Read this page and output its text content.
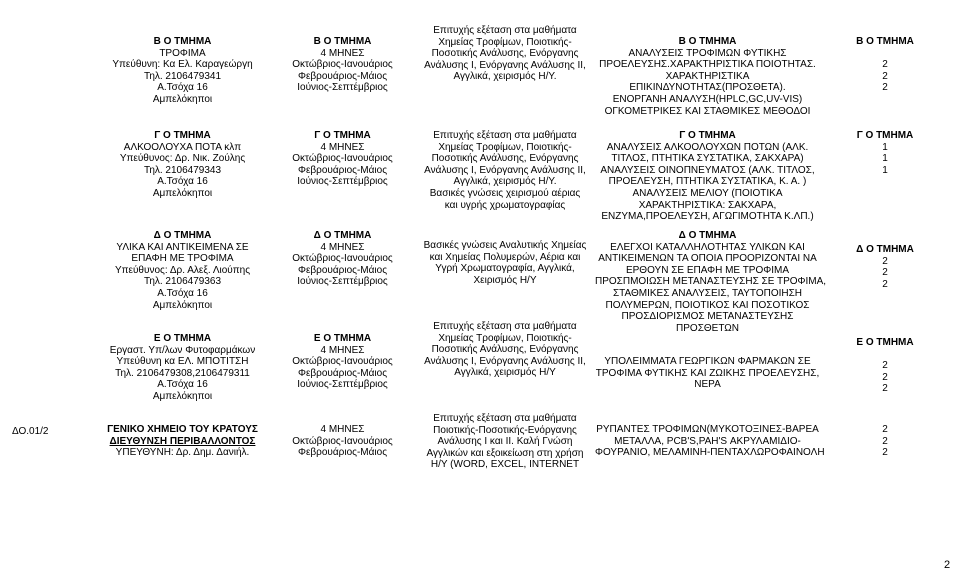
Β Ο ΤΜΗΜΑ
ΤΡΟΦΙΜΑ
Υπεύθυνη: Κα Ελ. Καραγεώργη
Τηλ. 2106479341
Α.Τσόχα 16
Αμπελόκηποι
Β Ο ΤΜΗΜΑ
4 ΜΗΝΕΣ
Οκτώβριος-Ιανουάριος
Φεβρουάριος-Μάιος
Ιούνιος-Σεπτέμβριος
Επιτυχής εξέταση στα μαθήματα
Χημείας Τροφίμων, Ποιοτικής-
Ποσοτικής Ανάλυσης, Ενόργανης
Ανάλυσης Ι, Ενόργανης Ανάλυσης ΙΙ,
Αγγλικά, χειρισμός Η/Υ.
Β Ο ΤΜΗΜΑ
ΑΝΑΛΥΣΕΙΣ ΤΡΟΦΙΜΩΝ ΦΥΤΙΚΗΣ
ΠΡΟΕΛΕΥΣΗΣ.ΧΑΡΑΚΤΗΡΙΣΤΙΚΑ ΠΟΙΟΤΗΤΑΣ.
ΧΑΡΑΚΤΗΡΙΣΤΙΚΑ
ΕΠΙΚΙΝΔΥΝΟΤΗΤΑΣ(ΠΡΟΣΘΕΤΑ).
ΕΝΟΡΓΑΝΗ ΑΝΑΛΥΣΗ(HPLC,GC,UV-VIS)
ΟΓΚΟΜΕΤΡΙΚΕΣ ΚΑΙ ΣΤΑΘΜΙΚΕΣ ΜΕΘΟΔΟΙ
Β Ο ΤΜΗΜΑ
2
2
2
Γ Ο ΤΜΗΜΑ
ΑΛΚΟΟΛΟΥΧΑ ΠΟΤΑ κλπ
Υπεύθυνος: Δρ. Νικ. Ζούλης
Τηλ. 2106479343
Α.Τσόχα 16
Αμπελόκηποι
Γ Ο ΤΜΗΜΑ
4 ΜΗΝΕΣ
Οκτώβριος-Ιανουάριος
Φεβρουάριος-Μάιος
Ιούνιος-Σεπτέμβριος
Επιτυχής εξέταση στα μαθήματα
Χημείας Τροφίμων, Ποιοτικής-
Ποσοτικής Ανάλυσης, Ενόργανης
Ανάλυσης Ι, Ενόργανης Ανάλυσης ΙΙ,
Αγγλικά, χειρισμός Η/Υ.
Βασικές γνώσεις χειρισμού αέριας
και υγρής χρωματογραφίας
Γ Ο ΤΜΗΜΑ
ΑΝΑΛΥΣΕΙΣ ΑΛΚΟΟΛΟΥΧΩΝ ΠΟΤΩΝ (ΑΛΚ.
ΤΙΤΛΟΣ, ΠΤΗΤΙΚΑ ΣΥΣΤΑΤΙΚΑ, ΣΑΚΧΑΡΑ)
ΑΝΑΛΥΣΕΙΣ ΟΙΝΟΠΝΕΥΜΑΤΟΣ (ΑΛΚ. ΤΙΤΛΟΣ,
ΠΡΟΕΛΕΥΣΗ, ΠΤΗΤΙΚΑ ΣΥΣΤΑΤΙΚΑ, Κ. Α. )
ΑΝΑΛΥΣΕΙΣ ΜΕΛΙΟΥ (ΠΟΙΟΤΙΚΑ
ΧΑΡΑΚΤΗΡΙΣΤΙΚΑ: ΣΑΚΧΑΡΑ,
ΕΝΖΥΜΑ,ΠΡΟΕΛΕΥΣΗ, ΑΓΩΓΙΜΟΤΗΤΑ Κ.ΛΠ.)
Γ Ο ΤΜΗΜΑ
1
1
1
Δ Ο ΤΜΗΜΑ
ΥΛΙΚΑ ΚΑΙ ΑΝΤΙΚΕΙΜΕΝΑ ΣΕ
ΕΠΑΦΗ ΜΕ ΤΡΟΦΙΜΑ
Υπεύθυνος: Δρ. Αλεξ. Λιούπης
Τηλ. 2106479363
Α.Τσόχα 16
Αμπελόκηποι
Δ Ο ΤΜΗΜΑ
4 ΜΗΝΕΣ
Οκτώβριος-Ιανουάριος
Φεβρουάριος-Μάιος
Ιούνιος-Σεπτέμβριος
Βασικές γνώσεις Αναλυτικής Χημείας
και Χημείας Πολυμερών, Αέρια και
Υγρή Χρωματογραφία, Αγγλικά,
Χειρισμός Η/Υ
Δ Ο ΤΜΗΜΑ
ΕΛΕΓΧΟΙ ΚΑΤΑΛΛΗΛΟΤΗΤΑΣ ΥΛΙΚΩΝ ΚΑΙ
ΑΝΤΙΚΕΙΜΕΝΩΝ ΤΑ ΟΠΟΙΑ ΠΡΟΟΡΙΖΟΝΤΑΙ ΝΑ
ΕΡΘΟΥΝ ΣΕ ΕΠΑΦΗ ΜΕ ΤΡΟΦΙΜΑ
ΠΡΟΣΠΜΟΙΩΣΗ ΜΕΤΑΝΑΣΤΕΥΣΗΣ ΣΕ ΤΡΟΦΙΜΑ,
ΣΤΑΘΜΙΚΕΣ ΑΝΑΛΥΣΕΙΣ, ΤΑΥΤΟΠΟΙΗΣΗ
ΠΟΛΥΜΕΡΩΝ, ΠΟΙΟΤΙΚΟΣ ΚΑΙ ΠΟΣΟΤΙΚΟΣ
ΠΡΟΣΔΙΟΡΙΣΜΟΣ ΜΕΤΑΝΑΣΤΕΥΣΗΣ
ΠΡΟΣΘΕΤΩΝ
Δ Ο ΤΜΗΜΑ
2
2
2
Ε Ο ΤΜΗΜΑ
Εργαστ. Υπ/λων Φυτοφαρμάκων
Υπεύθυνη κα ΕΛ. ΜΠΟΤΙΤΣΗ
Τηλ. 2106479308,2106479311
Α.Τσόχα 16
Αμπελόκηποι
Ε Ο ΤΜΗΜΑ
4 ΜΗΝΕΣ
Οκτώβριος-Ιανουάριος
Φεβρουάριος-Μάιος
Ιούνιος-Σεπτέμβριος
Επιτυχής εξέταση στα μαθήματα
Χημείας Τροφίμων, Ποιοτικής-
Ποσοτικής Ανάλυσης, Ενόργανης
Ανάλυσης Ι, Ενόργανης Ανάλυσης ΙΙ,
Αγγλικά, χειρισμός Η/Υ
ΥΠΟΛΕΙΜΜΑΤΑ ΓΕΩΡΓΙΚΩΝ ΦΑΡΜΑΚΩΝ ΣΕ
ΤΡΟΦΙΜΑ ΦΥΤΙΚΗΣ ΚΑΙ ΖΩΙΚΗΣ ΠΡΟΕΛΕΥΣΗΣ,
ΝΕΡΑ
Ε Ο ΤΜΗΜΑ
2
2
2
ΔΟ.01/2	ΓΕΝΙΚΟ ΧΗΜΕΙΟ ΤΟΥ ΚΡΑΤΟΥΣ
ΔΙΕΥΘΥΝΣΗ ΠΕΡΙΒΑΛΛΟΝΤΟΣ
ΥΠΕΥΘΥΝΗ: Δρ. Δημ. Δανιήλ.
4 ΜΗΝΕΣ
Οκτώβριος-Ιανουάριος
Φεβρουάριος-Μάιος
Επιτυχής εξέταση στα μαθήματα
Ποιοτικής-Ποσοτικής-Ενόργανης
Ανάλυσης Ι και ΙΙ. Καλή Γνώση
Αγγλικών και εξοικείωση στη χρήση
Η/Υ (WORD, EXCEL, INTERNET
ΡΥΠΑΝΤΕΣ ΤΡΟΦΙΜΩΝ(ΜΥΚΟΤΟΞΙΝΕΣ-ΒΑΡΕΑ
ΜΕΤΑΛΛΑ, PCB'S,PAH'S ΑΚΡΥΛΑΜΙΔΙΟ-
ΦΟΥΡΑΝΙΟ, ΜΕΛΑΜΙΝΗ-ΠΕΝΤΑΧΛΩΡΟΦΑΙΝΟΛΗ
2
2
2
2
